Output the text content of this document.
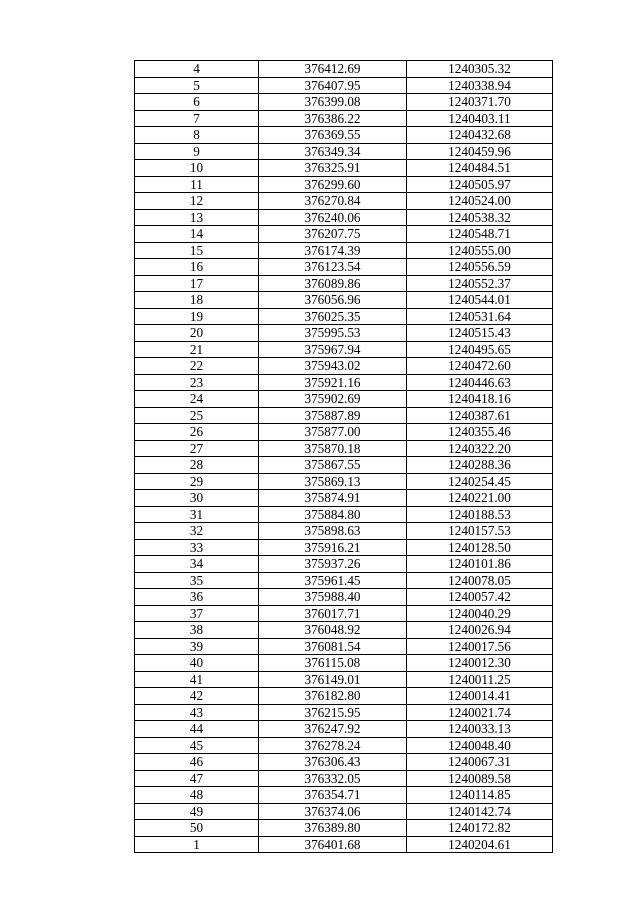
4	376412.69	1240305.32
5	376407.95	1240338.94
6	376399.08	1240371.70
7	376386.22	1240403.11
8	376369.55	1240432.68
9	376349.34	1240459.96
10	376325.91	1240484.51
11	376299.60	1240505.97
12	376270.84	1240524.00
13	376240.06	1240538.32
14	376207.75	1240548.71
15	376174.39	1240555.00
16	376123.54	1240556.59
17	376089.86	1240552.37
18	376056.96	1240544.01
19	376025.35	1240531.64
20	375995.53	1240515.43
21	375967.94	1240495.65
22	375943.02	1240472.60
23	375921.16	1240446.63
24	375902.69	1240418.16
25	375887.89	1240387.61
26	375877.00	1240355.46
27	375870.18	1240322.20
28	375867.55	1240288.36
29	375869.13	1240254.45
30	375874.91	1240221.00
31	375884.80	1240188.53
32	375898.63	1240157.53
33	375916.21	1240128.50
34	375937.26	1240101.86
35	375961.45	1240078.05
36	375988.40	1240057.42
37	376017.71	1240040.29
38	376048.92	1240026.94
39	376081.54	1240017.56
40	376115.08	1240012.30
41	376149.01	1240011.25
42	376182.80	1240014.41
43	376215.95	1240021.74
44	376247.92	1240033.13
45	376278.24	1240048.40
46	376306.43	1240067.31
47	376332.05	1240089.58
48	376354.71	1240114.85
49	376374.06	1240142.74
50	376389.80	1240172.82
1	376401.68	1240204.61
